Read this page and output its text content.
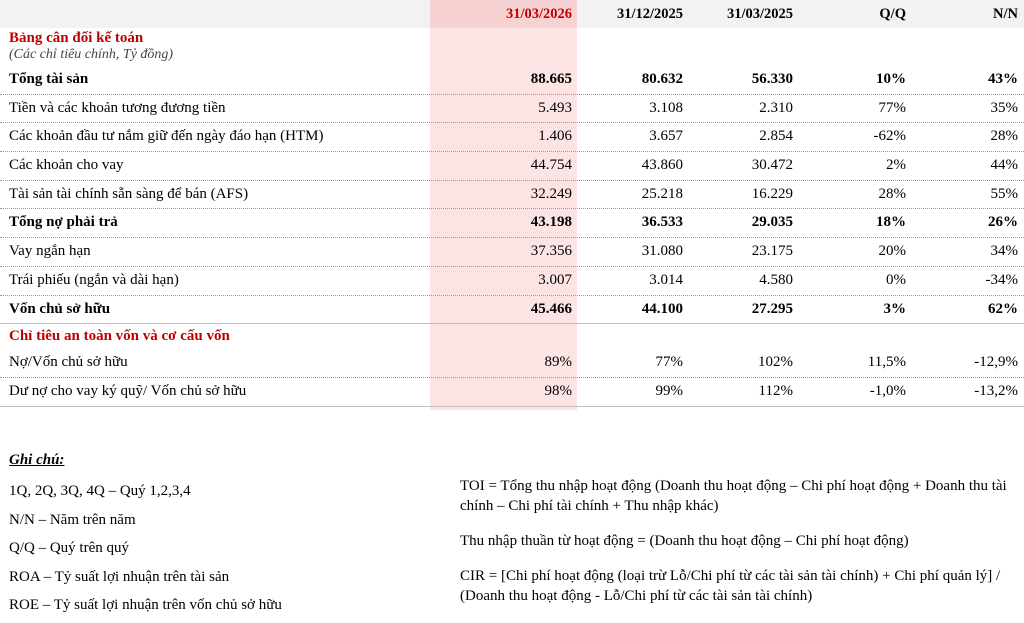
31/03/2026	31/12/2025	31/03/2025	Q/Q	N/N
Bảng cân đối kế toán
(Các chỉ tiêu chính, Tỷ đồng)
Tổng tài sản	88.665	80.632	56.330	10%	43%
Tiền và các khoản tương đương tiền	5.493	3.108	2.310	77%	35%
Các khoản đầu tư nắm giữ đến ngày đáo hạn (HTM)	1.406	3.657	2.854	-62%	28%
Các khoản cho vay	44.754	43.860	30.472	2%	44%
Tài sản tài chính sẵn sàng để bán (AFS)	32.249	25.218	16.229	28%	55%
Tổng nợ phải trả	43.198	36.533	29.035	18%	26%
Vay ngắn hạn	37.356	31.080	23.175	20%	34%
Trái phiếu (ngắn và dài hạn)	3.007	3.014	4.580	0%	-34%
Vốn chủ sở hữu	45.466	44.100	27.295	3%	62%
Chỉ tiêu an toàn vốn và cơ cấu vốn
Nợ/Vốn chủ sở hữu	89%	77%	102%	11,5%	-12,9%
Dư nợ cho vay ký quỹ/ Vốn chủ sở hữu	98%	99%	112%	-1,0%	-13,2%
Ghi chú:
1Q, 2Q, 3Q, 4Q – Quý 1,2,3,4
N/N – Năm trên năm
Q/Q – Quý trên quý
ROA – Tỷ suất lợi nhuận trên tài sản
ROE – Tỷ suất lợi nhuận trên vốn chủ sở hữu

TOI = Tổng thu nhập hoạt động (Doanh thu hoạt động – Chi phí hoạt động + Doanh thu tài chính – Chi phí tài chính + Thu nhập khác)

Thu nhập thuần từ hoạt động = (Doanh thu hoạt động – Chi phí hoạt động)

CIR = [Chi phí hoạt động (loại trừ Lỗ/Chi phí từ các tài sản tài chính) + Chi phí quản lý] / (Doanh thu hoạt động - Lỗ/Chi phí từ các tài sản tài chính)
